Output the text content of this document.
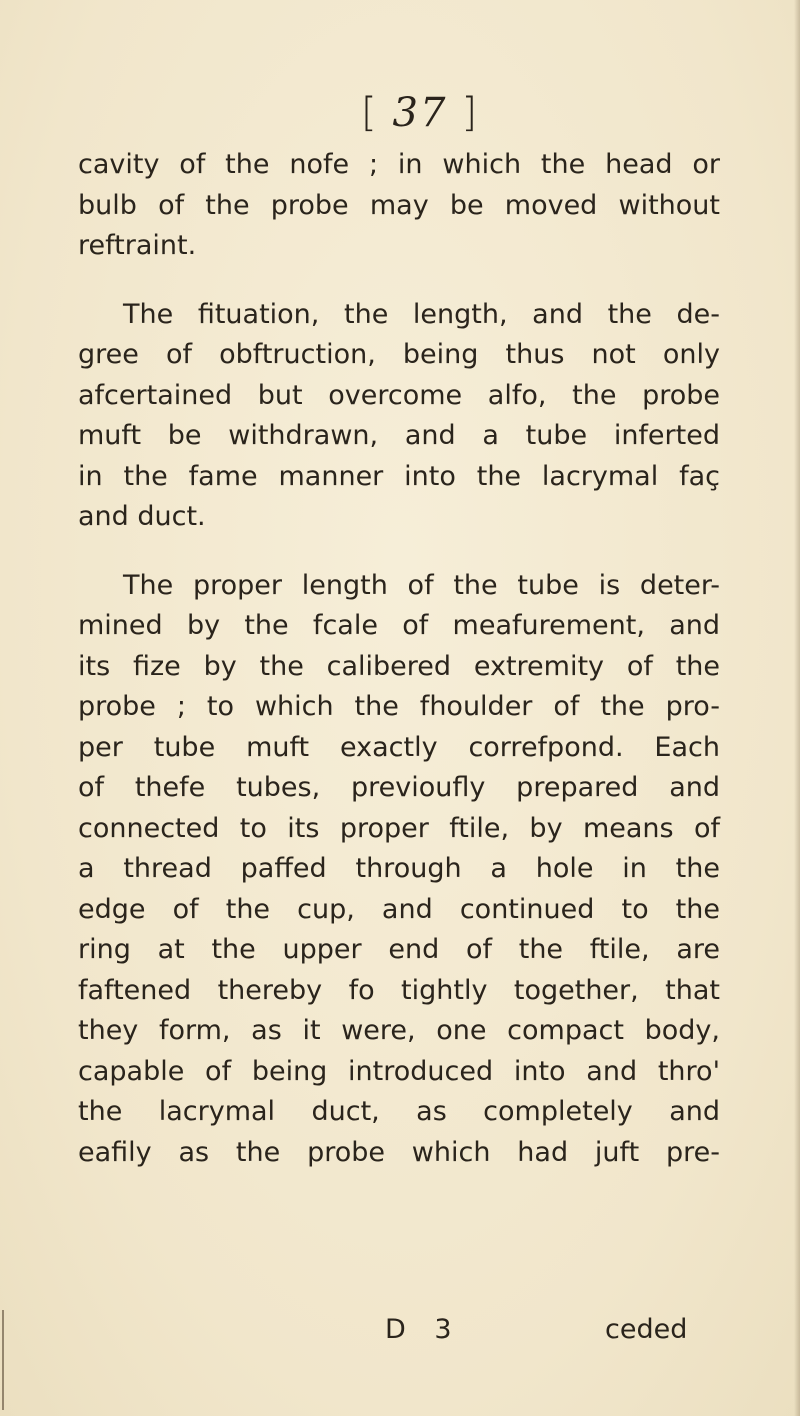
[ 37 ]
cavity of the nofe ; in which the head or
bulb of the probe may be moved without
reftraint.
The fituation, the length, and the de-
gree of obftruction, being thus not only
afcertained but overcome alfo, the probe
muft be withdrawn, and a tube inferted
in the fame manner into the lacrymal faç
and duct.
The proper length of the tube is deter-
mined by the fcale of meafurement, and
its fize by the calibered extremity of the
probe ; to which the fhoulder of the pro-
per tube muft exactly correfpond. Each
of thefe tubes, previoufly prepared and
connected to its proper ftile, by means of
a thread paffed through a hole in the
edge of the cup, and continued to the
ring at the upper end of the ftile, are
faftened thereby fo tightly together, that
they form, as it were, one compact body,
capable of being introduced into and thro'
the lacrymal duct, as completely and
eafily as the probe which had juft pre-
D 3	ceded
